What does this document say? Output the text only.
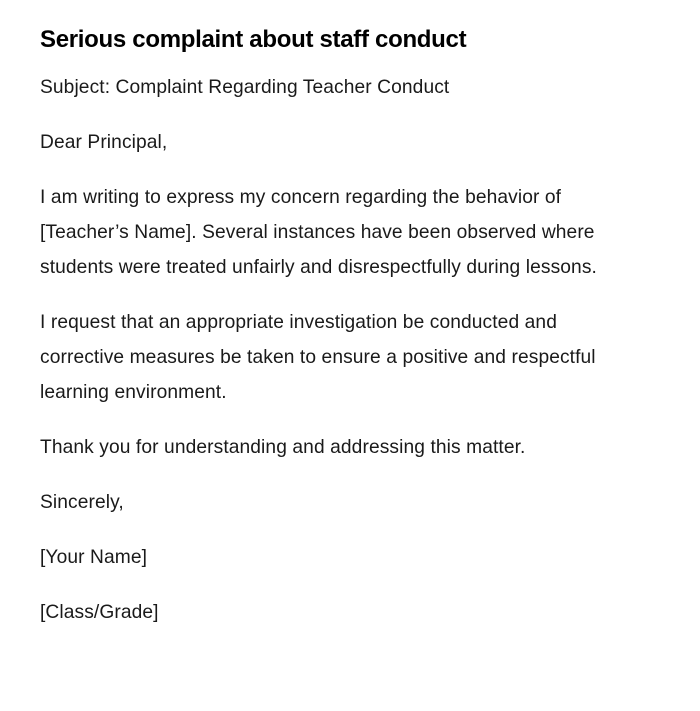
Serious complaint about staff conduct

Subject: Complaint Regarding Teacher Conduct

Dear Principal,

I am writing to express my concern regarding the behavior of [Teacher’s Name]. Several instances have been observed where students were treated unfairly and disrespectfully during lessons.

I request that an appropriate investigation be conducted and corrective measures be taken to ensure a positive and respectful learning environment.

Thank you for understanding and addressing this matter.

Sincerely,

[Your Name]

[Class/Grade]
